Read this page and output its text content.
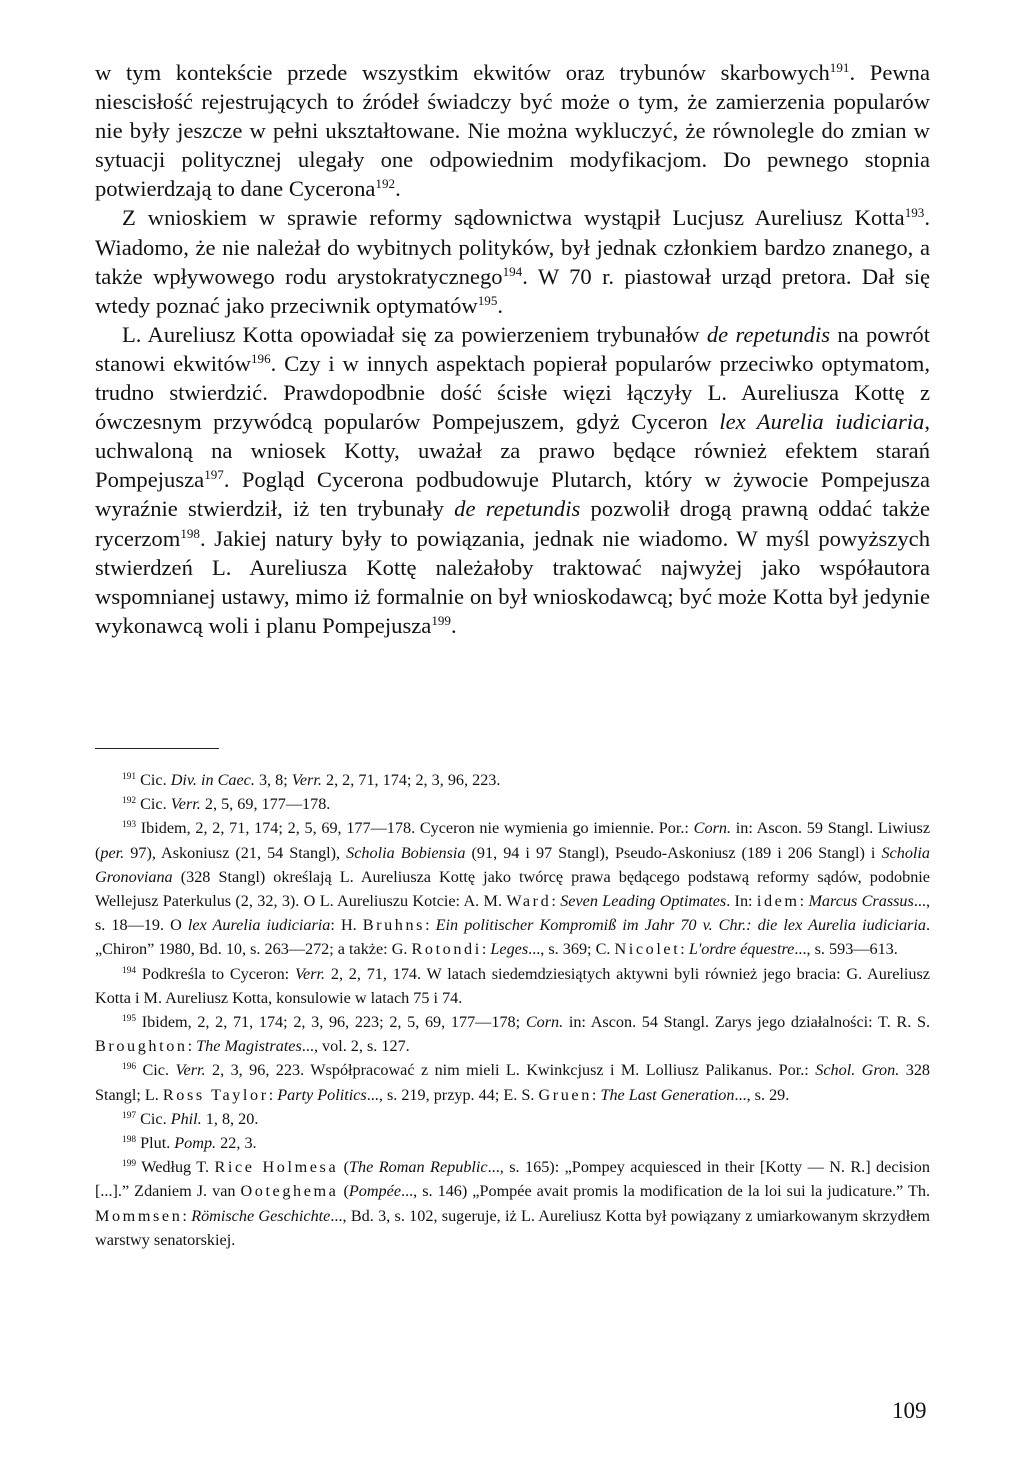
w tym kontekście przede wszystkim ekwitów oraz trybunów skarbowych$^{191}$. Pewna niescisłość rejestrujących to źródeł świadczy być może o tym, że zamierzenia popularów nie były jeszcze w pełni ukształtowane. Nie można wykluczyć, że równolegle do zmian w sytuacji politycznej ulegały one odpowiednim modyfikacjom. Do pewnego stopnia potwierdzają to dane Cycerona$^{192}$.

Z wnioskiem w sprawie reformy sądownictwa wystąpił Lucjusz Aureliusz Kotta$^{193}$. Wiadomo, że nie należał do wybitnych polityków, był jednak członkiem bardzo znanego, a także wpływowego rodu arystokratycznego$^{194}$. W 70 r. piastował urząd pretora. Dał się wtedy poznać jako przeciwnik optymatów$^{195}$.

L. Aureliusz Kotta opowiadał się za powierzeniem trybunałów de repetundis na powrót stanowi ekwitów$^{196}$. Czy i w innych aspektach popierał popularów przeciwko optymatom, trudno stwierdzić. Prawdopodbnie dość ścisłe więzi łączyły L. Aureliusza Kottę z ówczesnym przywódcą popularów Pompejuszem, gdyż Cyceron lex Aurelia iudiciaria, uchwaloną na wniosek Kotty, uważał za prawo będące również efektem starań Pompejusza$^{197}$. Pogląd Cycerona podbudowuje Plutarch, który w żywocie Pompejusza wyraźnie stwierdził, iż ten trybunały de repetundis pozwolił drogą prawną oddać także rycerzom$^{198}$. Jakiej natury były to powiązania, jednak nie wiadomo. W myśl powyższych stwierdzeń L. Aureliusza Kottę należałoby traktować najwyżej jako współautora wspomnianej ustawy, mimo iż formalnie on był wnioskodawcą; być może Kotta był jedynie wykonawcą woli i planu Pompejusza$^{199}$.

$^{191}$ Cic. Div. in Caec. 3, 8; Verr. 2, 2, 71, 174; 2, 3, 96, 223.

$^{192}$ Cic. Verr. 2, 5, 69, 177—178.

$^{193}$ Ibidem, 2, 2, 71, 174; 2, 5, 69, 177—178. Cyceron nie wymienia go imiennie. Por.: Corn. in: Ascon. 59 Stangl. Liwiusz (per. 97), Askoniusz (21, 54 Stangl), Scholia Bobiensia (91, 94 i 97 Stangl), Pseudo-Askoniusz (189 i 206 Stangl) i Scholia Gronoviana (328 Stangl) określają L. Aureliusza Kottę jako twórcę prawa będącego podstawą reformy sądów, podobnie Wellejusz Paterkulus (2, 32, 3). O L. Aureliuszu Kotcie: A. M. Ward: Seven Leading Optimates. In: idem: Marcus Crassus..., s. 18—19. O lex Aurelia iudiciaria: H. Bruhns: Ein politischer Kompromiß im Jahr 70 v. Chr.: die lex Aurelia iudiciaria. „Chiron” 1980, Bd. 10, s. 263—272; a także: G. Rotondi: Leges..., s. 369; C. Nicolet: L'ordre équestre..., s. 593—613.

$^{194}$ Podkreśla to Cyceron: Verr. 2, 2, 71, 174. W latach siedemdziesiątych aktywni byli również jego bracia: G. Aureliusz Kotta i M. Aureliusz Kotta, konsulowie w latach 75 i 74.

$^{195}$ Ibidem, 2, 2, 71, 174; 2, 3, 96, 223; 2, 5, 69, 177—178; Corn. in: Ascon. 54 Stangl. Zarys jego działalności: T. R. S. Broughton: The Magistrates..., vol. 2, s. 127.

$^{196}$ Cic. Verr. 2, 3, 96, 223. Współpracować z nim mieli L. Kwinkcjusz i M. Lolliusz Palikanus. Por.: Schol. Gron. 328 Stangl; L. Ross Taylor: Party Politics..., s. 219, przyp. 44; E. S. Gruen: The Last Generation..., s. 29.

$^{197}$ Cic. Phil. 1, 8, 20.

$^{198}$ Plut. Pomp. 22, 3.

$^{199}$ Według T. Rice Holmesa (The Roman Republic..., s. 165): „Pompey acquiesced in their [Kotty — N. R.] decision [...].” Zdaniem J. van Ooteghema (Pompée..., s. 146) „Pompée avait promis la modification de la loi sui la judicature.” Th. Mommsen: Römische Geschichte..., Bd. 3, s. 102, sugeruje, iż L. Aureliusz Kotta był powiązany z umiarkowanym skrzydłem warstwy senatorskiej.

109
